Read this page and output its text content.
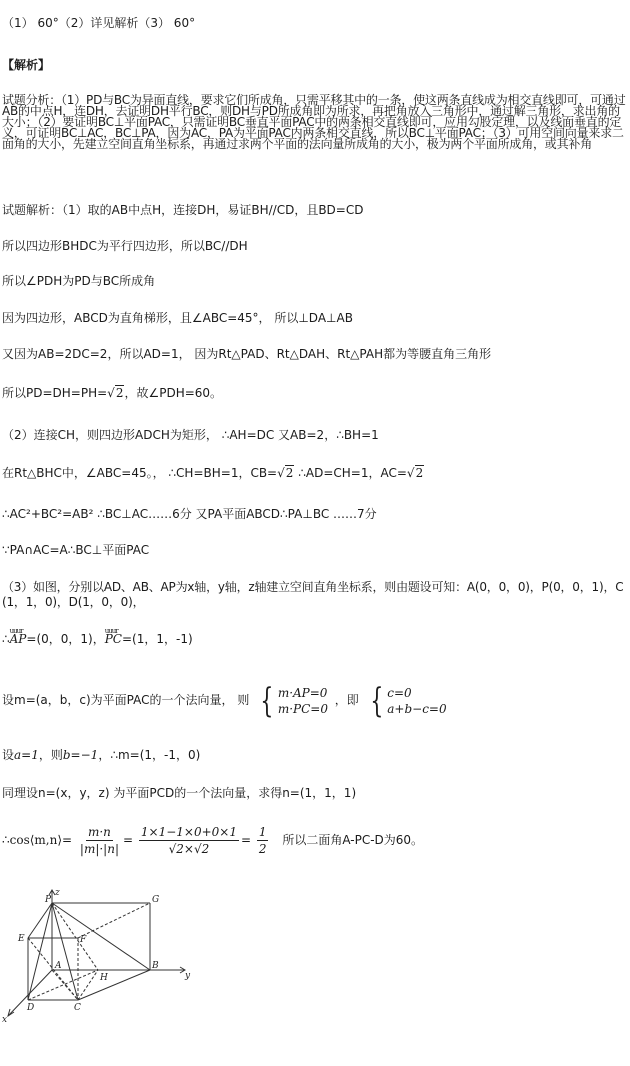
（1） 60°（2）详见解析（3） 60°
【解析】
试题分析：（1）PD与BC为异面直线，要求它们所成角，只需平移其中的一条，使这两条直线成为相交直线即可，可通过AB的中点H，连DH，去证明DH平行BC，则DH与PD所成角即为所求，再把角放入三角形中，通过解三角形，求出角的大小；（2）要证明BC⊥平面PAC，只需证明BC垂直平面PAC中的两条相交直线即可，应用勾股定理，以及线面垂直的定义，可证明BC⊥AC，BC⊥PA，因为AC，PA为平面PAC内两条相交直线，所以BC⊥平面PAC；（3）可用空间向量来求二面角的大小，先建立空间直角坐标系，再通过求两个平面的法向量所成角的大小，极为两个平面所成角，或其补角
试题解析：（1）取的AB中点H，连接DH，易证BH//CD，且BD=CD
所以四边形BHDC为平行四边形，所以BC//DH
所以∠PDH为PD与BC所成角
因为四边形，ABCD为直角梯形，且∠ABC=45°， 所以⊥DA⊥AB
又因为AB=2DC=2，所以AD=1， 因为Rt△PAD、Rt△DAH、Rt△PAH都为等腰直角三角形
所以PD=DH=PH=√2，故∠PDH=60。
（2）连接CH，则四边形ADCH为矩形， ∴AH=DC 又AB=2，∴BH=1
在Rt△BHC中，∠ABC=45。， ∴CH=BH=1，CB=√2 ∴AD=CH=1，AC=√2
∴AC²+BC²=AB² ∴BC⊥AC……6分 又PA平面ABCD∴PA⊥BC ……7分
∵PA∩AC=A∴BC⊥平面PAC
（3）如图，分别以AD、AB、AP为x轴，y轴，z轴建立空间直角坐标系，则由题设可知：A(0，0，0)，P(0，0，1)，C(1，1，0)，D(1，0，0)，
∴uuur AP=(0，0，1)，uuur PC=(1，1，-1)
设m=(a，b，c)为平面PAC的一个法向量， 则 { m·AP=0
m·PC=0
，即 { c=0
a+b−c=0
设a=1，则b=−1，∴m=(1，-1，0)
同理设n=(x，y，z) 为平面PCD的一个法向量，求得n=(1，1，1)
∴cos⟨m,n⟩= $\frac{m\cdot n}{|m|\cdot|n|} = \frac{1\times 1-1\times 0+0\times 1}{√2\times√2} = \frac{1}{2}$ 所以二面角A-PC-D为60。
z
P	G
E	F
A
H
B
y
D	C
x
